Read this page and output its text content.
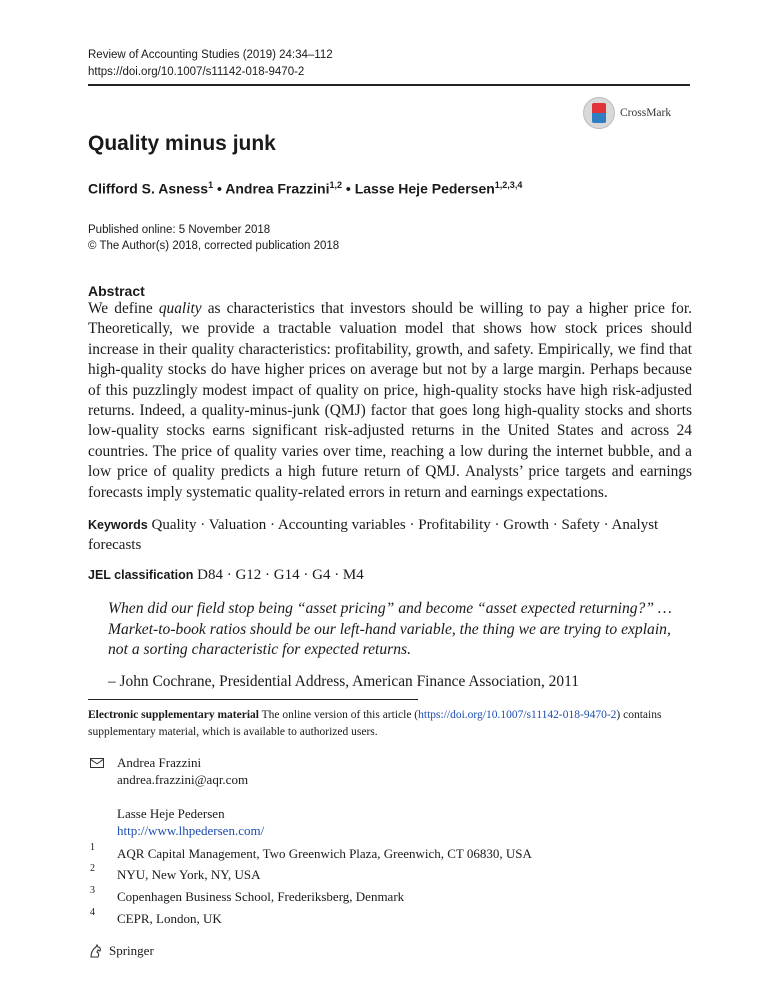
Review of Accounting Studies (2019) 24:34–112
https://doi.org/10.1007/s11142-018-9470-2
CrossMark
Quality minus junk
Clifford S. Asness$^1$ • Andrea Frazzini$^{1,2}$ • Lasse Heje Pedersen$^{1,2,3,4}$
Published online: 5 November 2018
© The Author(s) 2018, corrected publication 2018
Abstract
We define quality as characteristics that investors should be willing to pay a higher price for. Theoretically, we provide a tractable valuation model that shows how stock prices should increase in their quality characteristics: profitability, growth, and safety. Empirically, we find that high-quality stocks do have higher prices on average but not by a large margin. Perhaps because of this puzzlingly modest impact of quality on price, high-quality stocks have high risk-adjusted returns. Indeed, a quality-minus-junk (QMJ) factor that goes long high-quality stocks and shorts low-quality stocks earns significant risk-adjusted returns in the United States and across 24 countries. The price of quality varies over time, reaching a low during the internet bubble, and a low price of quality predicts a high future return of QMJ. Analysts’ price targets and earnings forecasts imply systematic quality-related errors in return and earnings expectations.
Keywords Quality · Valuation · Accounting variables · Profitability · Growth · Safety · Analyst forecasts
JEL classification D84 · G12 · G14 · G4 · M4
When did our field stop being “asset pricing” and become “asset expected returning?” … Market-to-book ratios should be our left-hand variable, the thing we are trying to explain, not a sorting characteristic for expected returns.
– John Cochrane, Presidential Address, American Finance Association, 2011
Electronic supplementary material The online version of this article (https://doi.org/10.1007/s11142-018-9470-2) contains supplementary material, which is available to authorized users.
Andrea Frazzini
andrea.frazzini@aqr.com
Lasse Heje Pedersen
http://www.lhpedersen.com/
1 AQR Capital Management, Two Greenwich Plaza, Greenwich, CT 06830, USA
2 NYU, New York, NY, USA
3 Copenhagen Business School, Frederiksberg, Denmark
4 CEPR, London, UK
Springer
